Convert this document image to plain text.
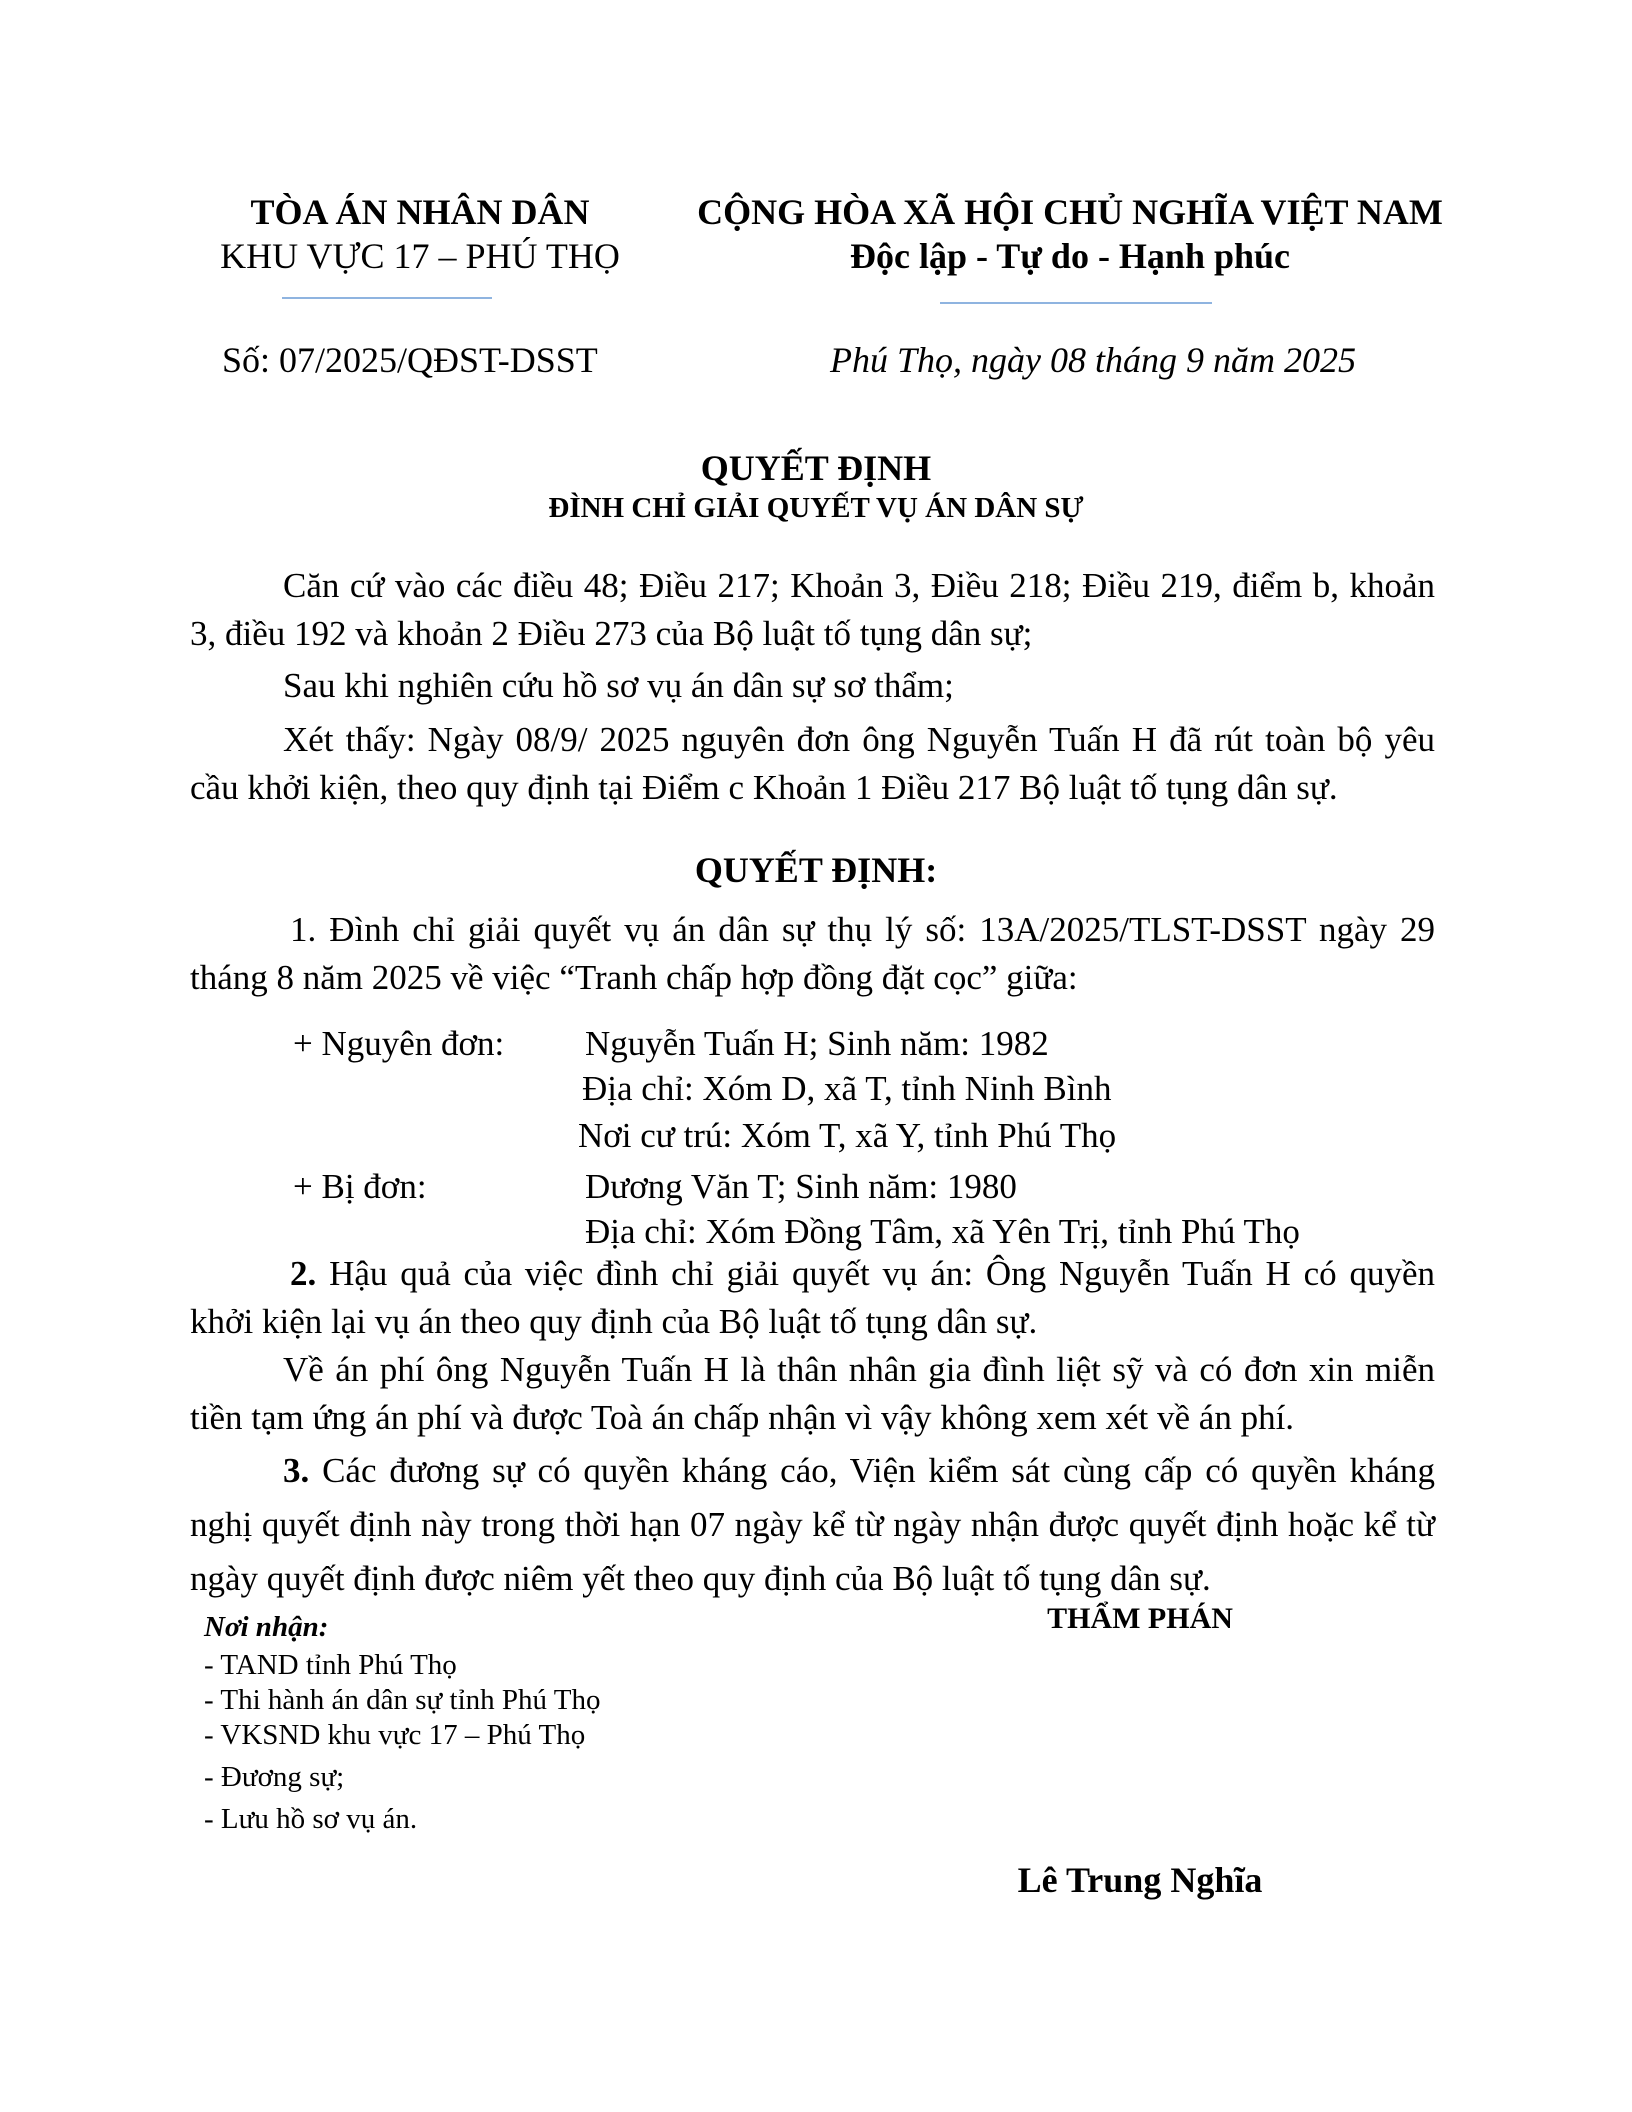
TÒA ÁN NHÂN DÂN
KHU VỰC 17 – PHÚ THỌ
CỘNG HÒA XÃ HỘI CHỦ NGHĨA VIỆT NAM
Độc lập - Tự do - Hạnh phúc
Số: 07/2025/QĐST-DSST	Phú Thọ, ngày 08 tháng 9 năm 2025
QUYẾT ĐỊNH
ĐÌNH CHỈ GIẢI QUYẾT VỤ ÁN DÂN SỰ
Căn cứ vào các điều 48; Điều 217; Khoản 3, Điều 218; Điều 219, điểm b, khoản 3, điều 192 và khoản 2 Điều 273 của Bộ luật tố tụng dân sự;
Sau khi nghiên cứu hồ sơ vụ án dân sự sơ thẩm;
Xét thấy: Ngày 08/9/ 2025 nguyên đơn ông Nguyễn Tuấn H đã rút toàn bộ yêu cầu khởi kiện, theo quy định tại Điểm c Khoản 1 Điều 217 Bộ luật tố tụng dân sự.
QUYẾT ĐỊNH:
1. Đình chỉ giải quyết vụ án dân sự thụ lý số: 13A/2025/TLST-DSST ngày 29 tháng 8 năm 2025 về việc “Tranh chấp hợp đồng đặt cọc” giữa:
+ Nguyên đơn: Nguyễn Tuấn H; Sinh năm: 1982
Địa chỉ: Xóm D, xã T, tỉnh Ninh Bình
Nơi cư trú: Xóm T, xã Y, tỉnh Phú Thọ
+ Bị đơn:	Dương Văn T; Sinh năm: 1980
Địa chỉ: Xóm Đồng Tâm, xã Yên Trị, tỉnh Phú Thọ
2. Hậu quả của việc đình chỉ giải quyết vụ án: Ông Nguyễn Tuấn H có quyền khởi kiện lại vụ án theo quy định của Bộ luật tố tụng dân sự.
Về án phí ông Nguyễn Tuấn H là thân nhân gia đình liệt sỹ và có đơn xin miễn tiền tạm ứng án phí và được Toà án chấp nhận vì vậy không xem xét về án phí.
3. Các đương sự có quyền kháng cáo, Viện kiểm sát cùng cấp có quyền kháng nghị quyết định này trong thời hạn 07 ngày kể từ ngày nhận được quyết định hoặc kể từ ngày quyết định được niêm yết theo quy định của Bộ luật tố tụng dân sự.
Nơi nhận:
- TAND tỉnh Phú Thọ
- Thi hành án dân sự tỉnh Phú Thọ
- VKSND khu vực 17 – Phú Thọ
- Đương sự;
- Lưu hồ sơ vụ án.
THẨM PHÁN
Lê Trung Nghĩa
